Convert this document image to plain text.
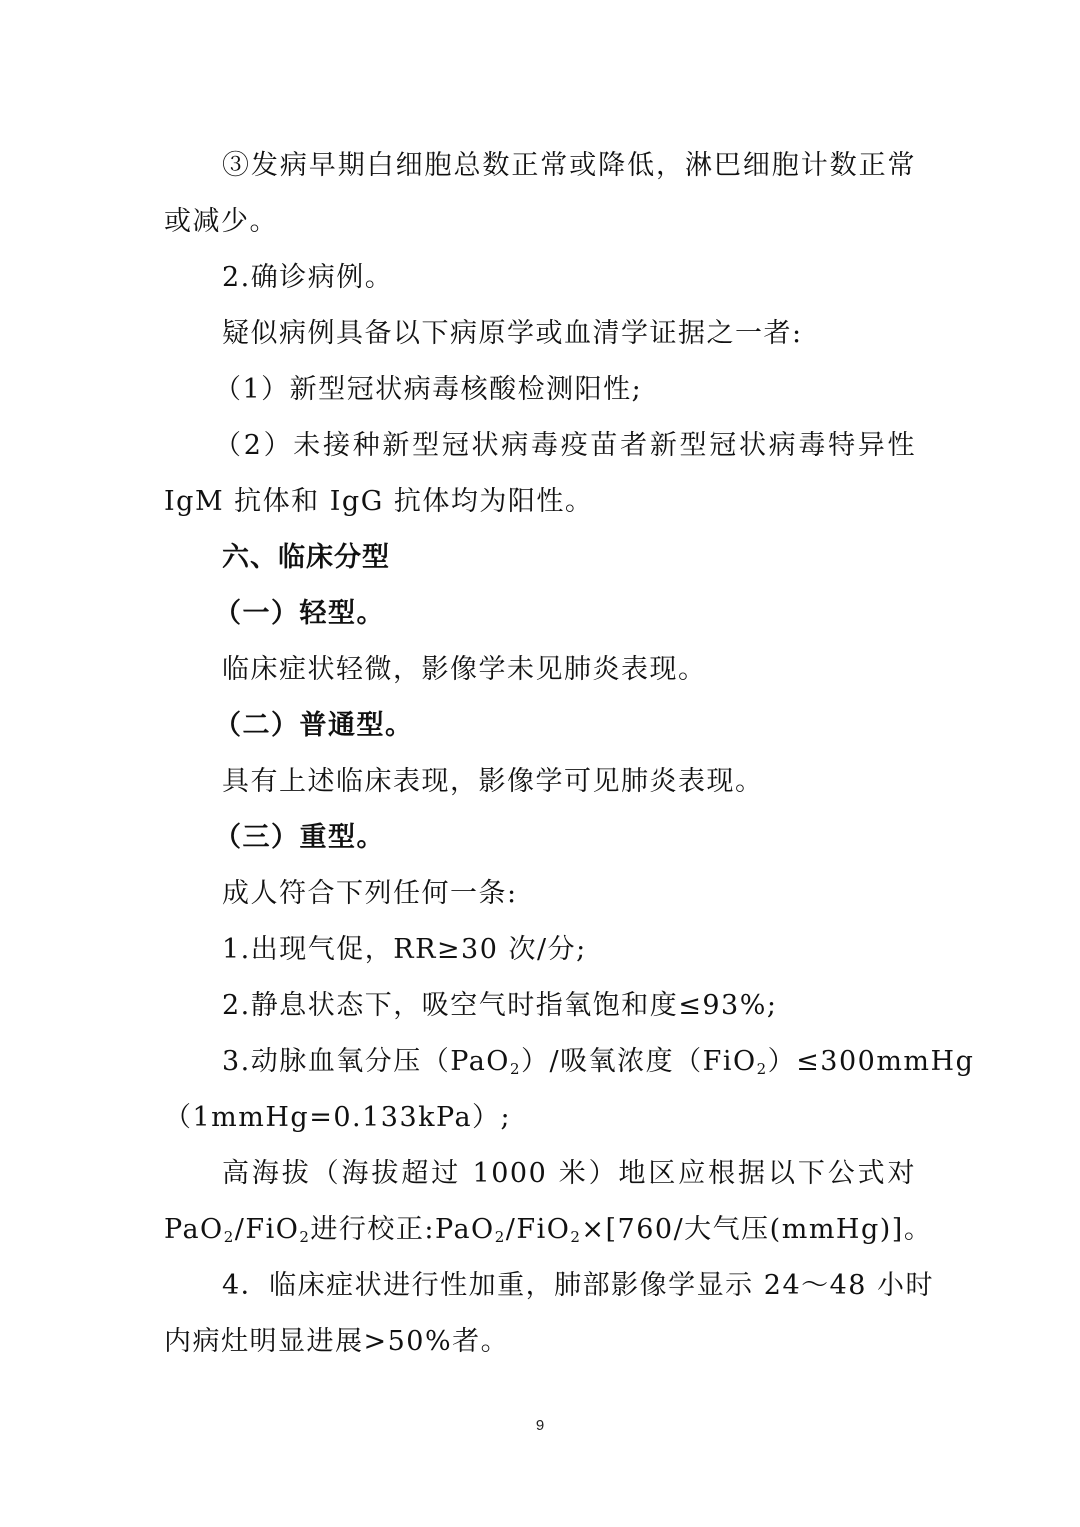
③发病早期白细胞总数正常或降低，淋巴细胞计数正常
或减少。
2.确诊病例。
疑似病例具备以下病原学或血清学证据之一者:
（1）新型冠状病毒核酸检测阳性;
（2）未接种新型冠状病毒疫苗者新型冠状病毒特异性
IgM 抗体和 IgG 抗体均为阳性。
六、临床分型
（一）轻型。
临床症状轻微，影像学未见肺炎表现。
（二）普通型。
具有上述临床表现，影像学可见肺炎表现。
（三）重型。
成人符合下列任何一条:
1.出现气促，RR≥30 次/分;
2.静息状态下，吸空气时指氧饱和度≤93%;
3.动脉血氧分压（PaO$_2$）/吸氧浓度（FiO$_2$）≤300mmHg
（1mmHg=0.133kPa）;
高海拔（海拔超过 1000 米）地区应根据以下公式对
PaO$_2$/FiO$_2$进行校正:PaO$_2$/FiO$_2$×[760/大气压(mmHg)]。
4．临床症状进行性加重，肺部影像学显示 24～48 小时
内病灶明显进展>50%者。
9
